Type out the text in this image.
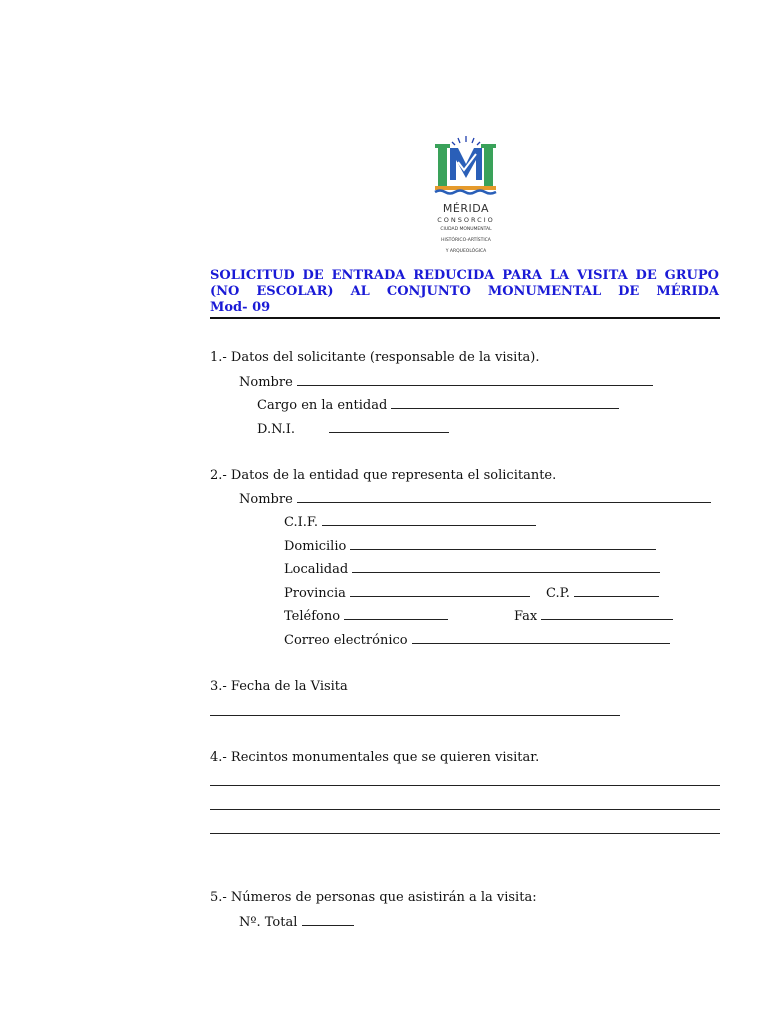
MÉRIDA
CONSORCIO
CIUDAD MONUMENTAL
HISTÓRICO-ARTÍSTICA
Y ARQUEOLÓGICA
SOLICITUD DE ENTRADA REDUCIDA PARA LA VISITA DE GRUPO
(NO ESCOLAR) AL CONJUNTO MONUMENTAL DE MÉRIDA
Mod- 09
1.- Datos del solicitante (responsable de la visita).
Nombre
Cargo en la entidad
D.N.I.
2.- Datos de la entidad que representa el solicitante.
Nombre
C.I.F.
Domicilio
Localidad
Provincia	C.P.
Teléfono	Fax
Correo electrónico
3.- Fecha de la Visita
4.- Recintos monumentales que se quieren visitar.
5.- Números de personas que asistirán a la visita:
Nº. Total
